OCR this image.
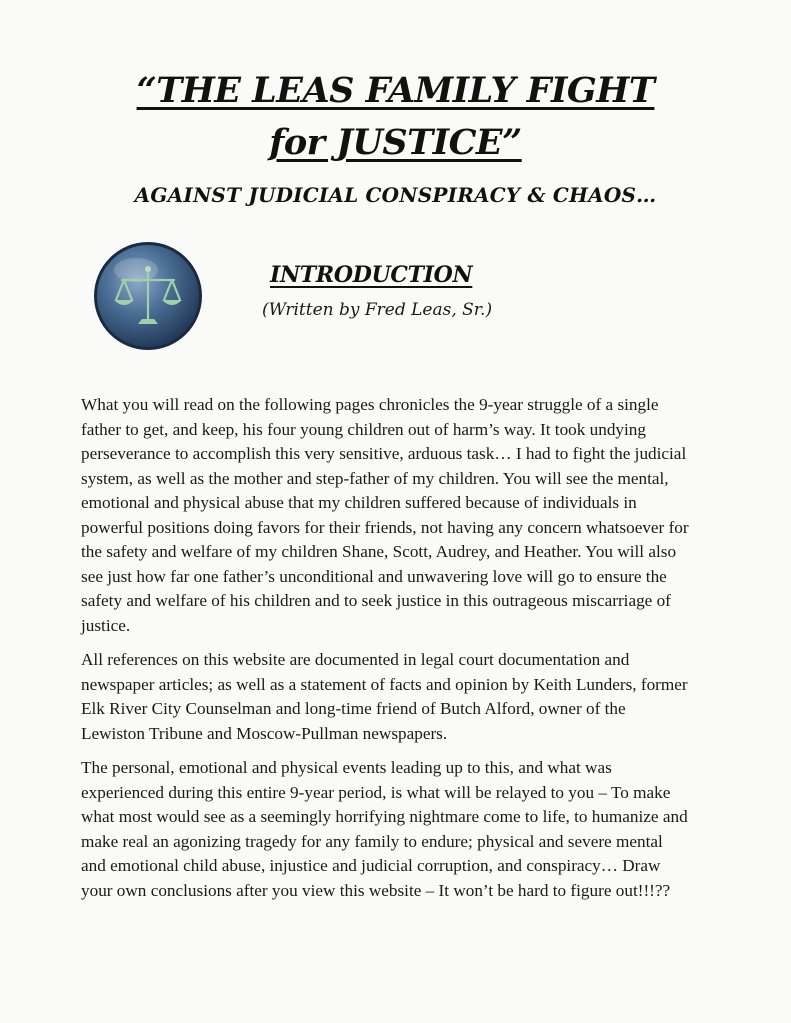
“THE LEAS FAMILY FIGHT
for JUSTICE”
AGAINST JUDICIAL CONSPIRACY & CHAOS…
INTRODUCTION
(Written by Fred Leas, Sr.)

What you will read on the following pages chronicles the 9-year struggle of a single father to get, and keep, his four young children out of harm’s way. It took undying perseverance to accomplish this very sensitive, arduous task… I had to fight the judicial system, as well as the mother and step-father of my children. You will see the mental, emotional and physical abuse that my children suffered because of individuals in powerful positions doing favors for their friends, not having any concern whatsoever for the safety and welfare of my children Shane, Scott, Audrey, and Heather. You will also see just how far one father’s unconditional and unwavering love will go to ensure the safety and welfare of his children and to seek justice in this outrageous miscarriage of justice.

All references on this website are documented in legal court documentation and newspaper articles; as well as a statement of facts and opinion by Keith Lunders, former Elk River City Counselman and long-time friend of Butch Alford, owner of the Lewiston Tribune and Moscow-Pullman newspapers.

The personal, emotional and physical events leading up to this, and what was experienced during this entire 9-year period, is what will be relayed to you – To make what most would see as a seemingly horrifying nightmare come to life, to humanize and make real an agonizing tragedy for any family to endure; physical and severe mental and emotional child abuse, injustice and judicial corruption, and conspiracy… Draw your own conclusions after you view this website – It won’t be hard to figure out!!!??
